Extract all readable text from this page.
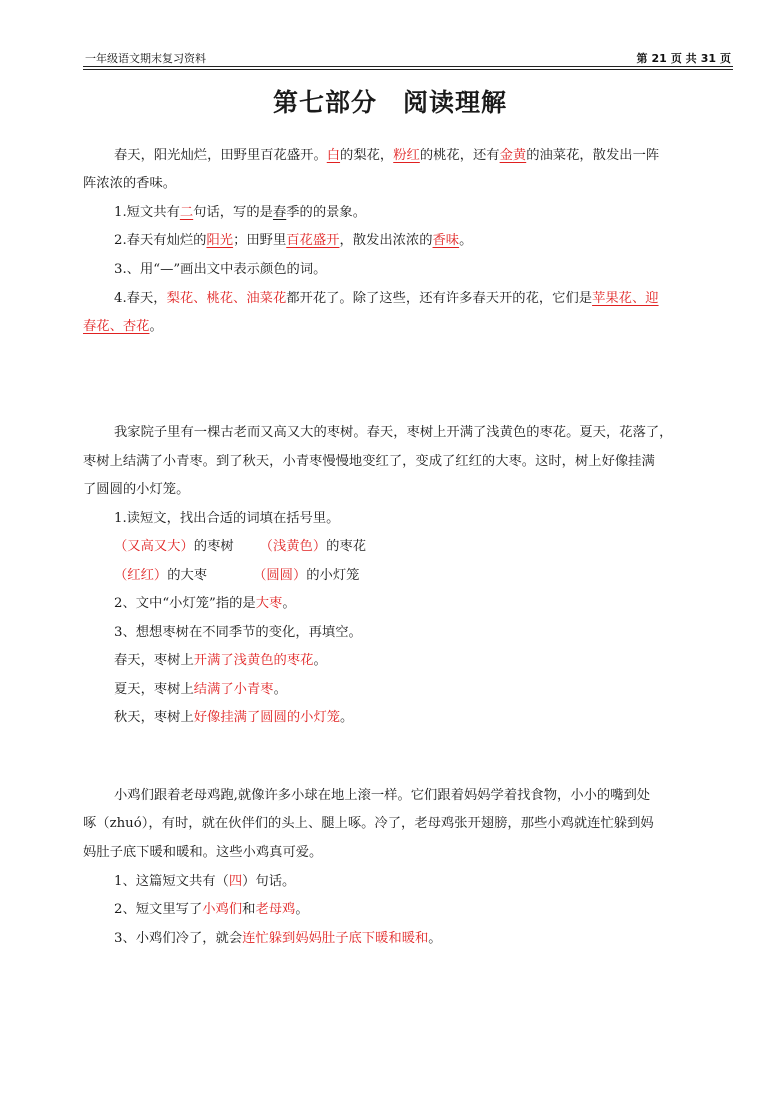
一年级语文期末复习资料	第 21 页 共 31 页
第七部分 阅读理解
春天，阳光灿烂，田野里百花盛开。白的梨花，粉红的桃花，还有金黄的油菜花，散发出一阵
阵浓浓的香味。
1.短文共有二句话，写的是春季的的景象。
2.春天有灿烂的阳光；田野里百花盛开，散发出浓浓的香味。
3.、用“—”画出文中表示颜色的词。
4.春天，梨花、桃花、油菜花都开花了。除了这些，还有许多春天开的花，它们是苹果花、迎
春花、杏花。
我家院子里有一棵古老而又高又大的枣树。春天，枣树上开满了浅黄色的枣花。夏天，花落了，
枣树上结满了小青枣。到了秋天，小青枣慢慢地变红了，变成了红红的大枣。这时，树上好像挂满
了圆圆的小灯笼。
1.读短文，找出合适的词填在括号里。
（又高又大）的枣树 （浅黄色）的枣花
（红红）的大枣	（圆圆）的小灯笼
2、文中“小灯笼”指的是大枣。
3、想想枣树在不同季节的变化，再填空。
春天，枣树上开满了浅黄色的枣花。
夏天，枣树上结满了小青枣。
秋天，枣树上好像挂满了圆圆的小灯笼。
小鸡们跟着老母鸡跑,就像许多小球在地上滚一样。它们跟着妈妈学着找食物，小小的嘴到处
啄（zhuó），有时，就在伙伴们的头上、腿上啄。冷了，老母鸡张开翅膀，那些小鸡就连忙躲到妈
妈肚子底下暖和暖和。这些小鸡真可爱。
1、这篇短文共有（四）句话。
2、短文里写了小鸡们和老母鸡。
3、小鸡们冷了，就会连忙躲到妈妈肚子底下暖和暖和。
